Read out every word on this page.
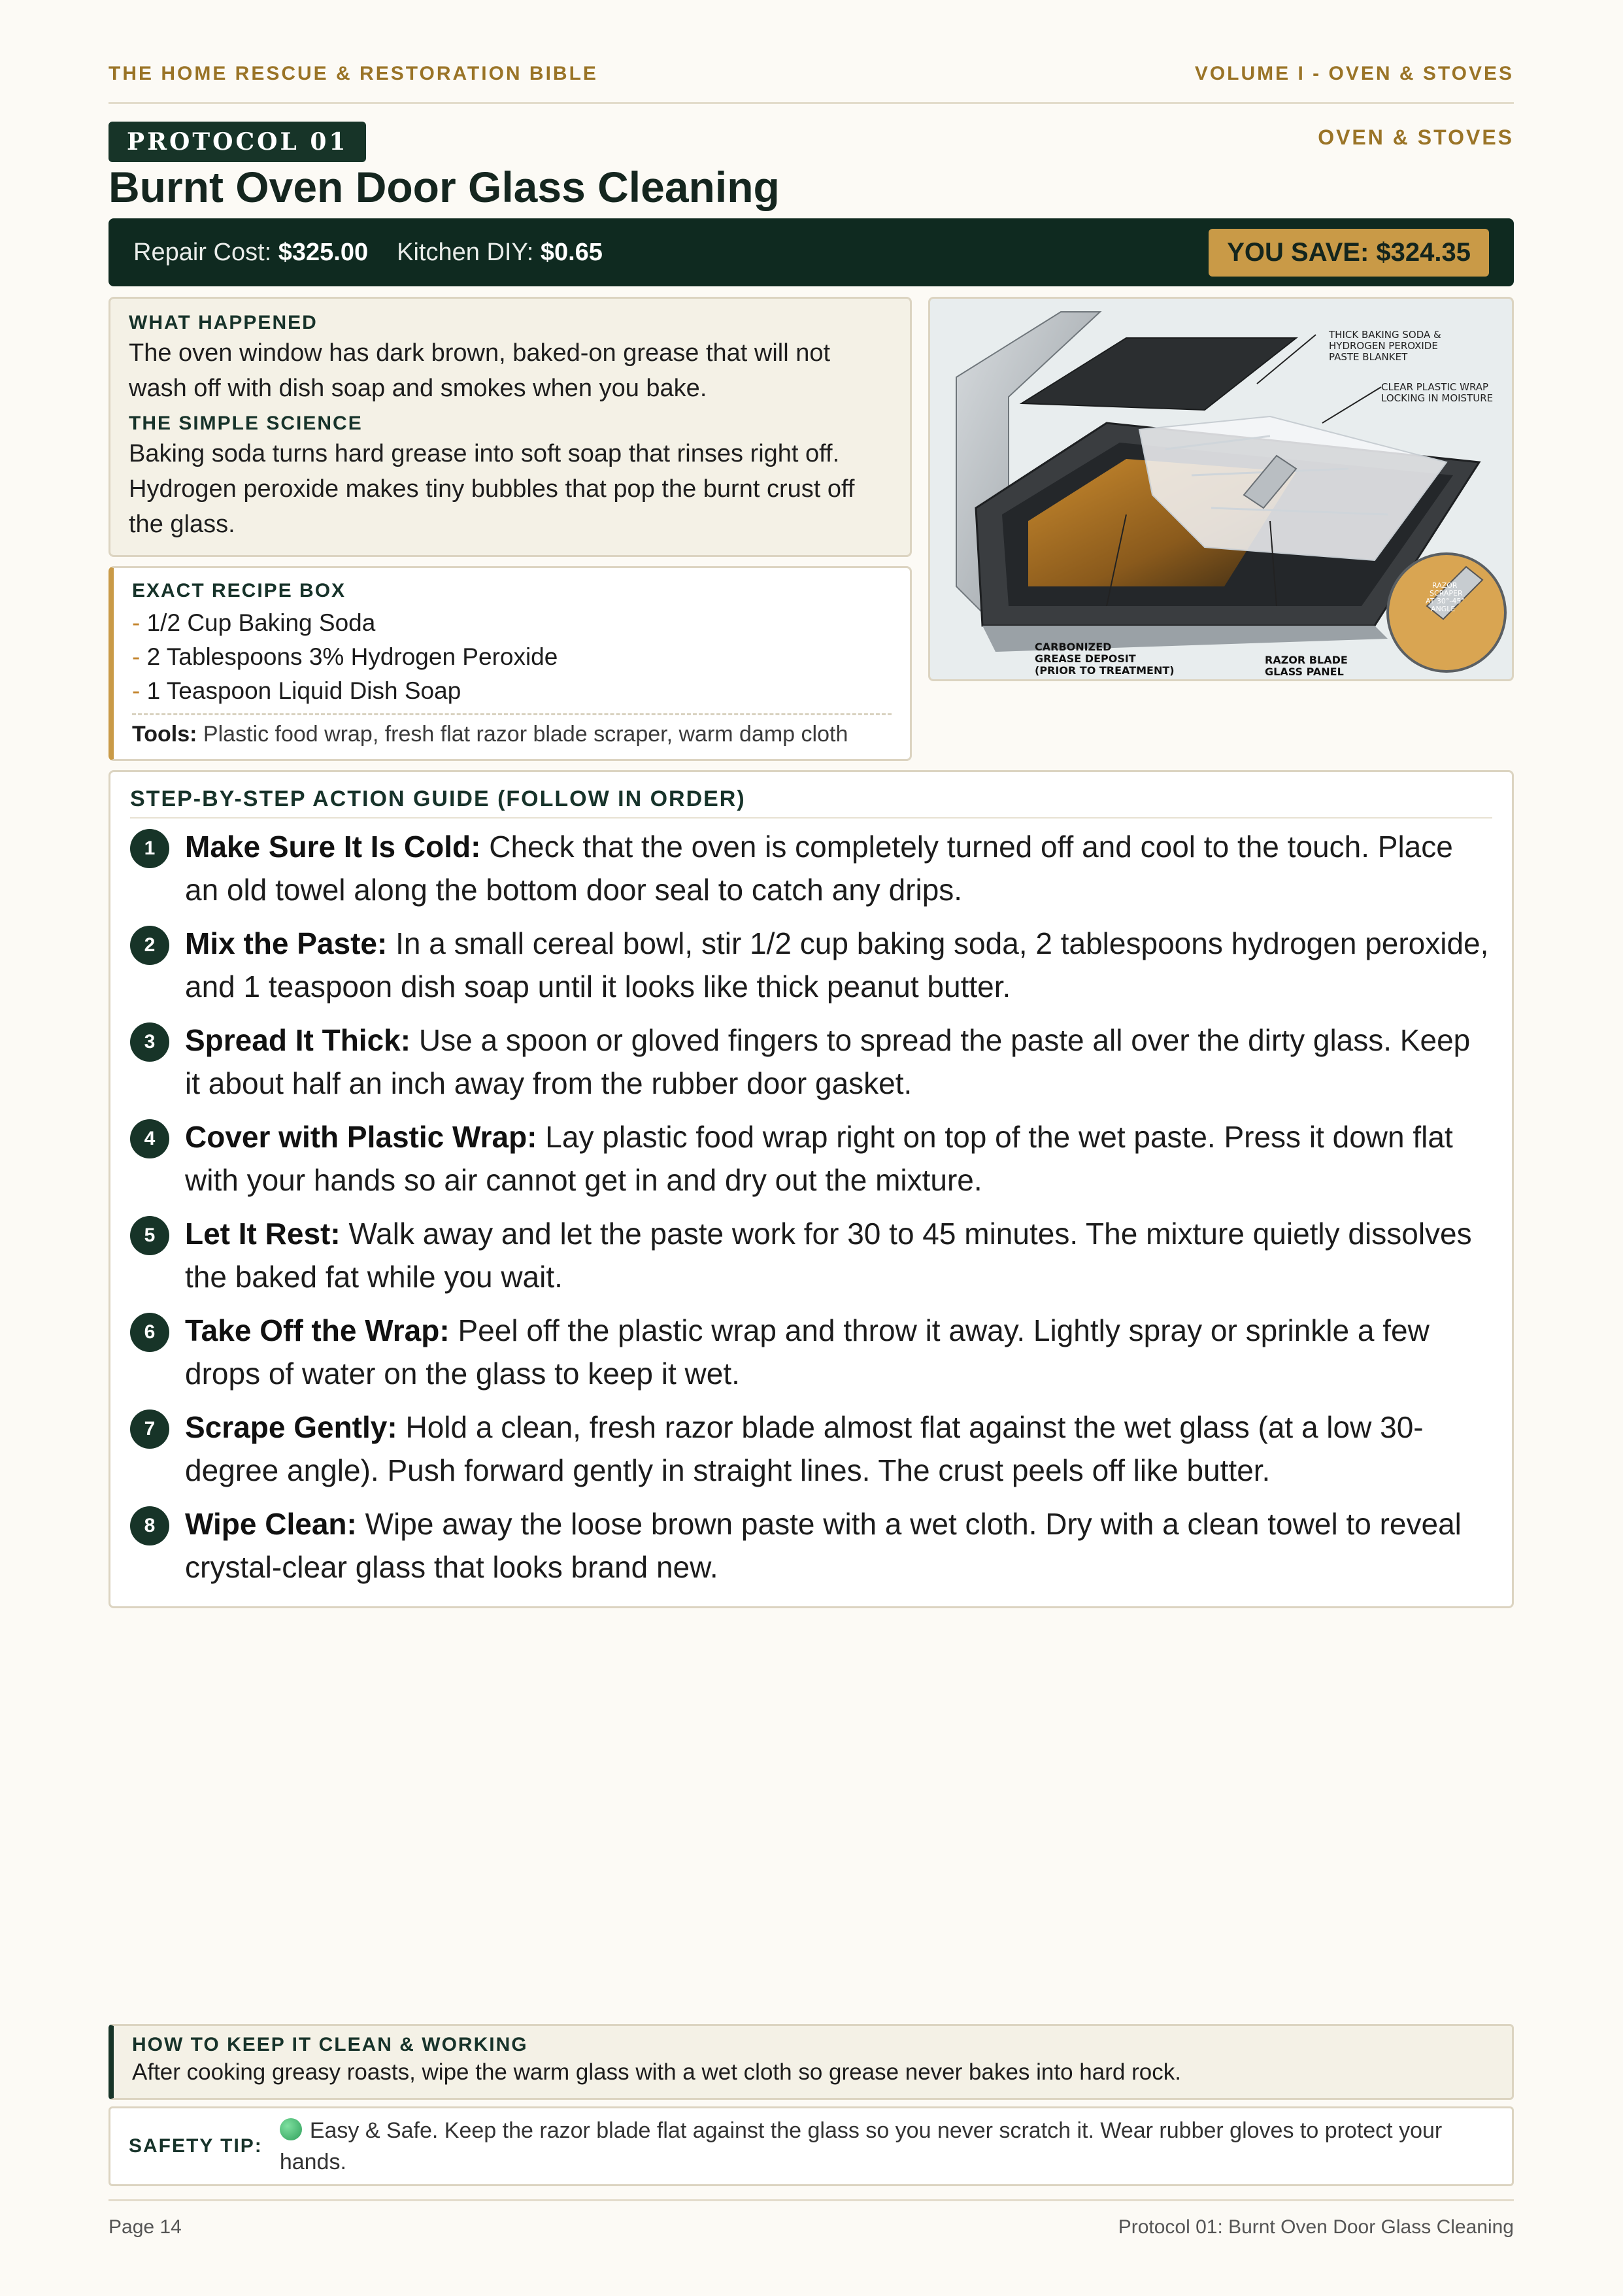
THE HOME RESCUE & RESTORATION BIBLE	VOLUME I - OVEN & STOVES
PROTOCOL 01	OVEN & STOVES
Burnt Oven Door Glass Cleaning
Repair Cost: $325.00 Kitchen DIY: $0.65	YOU SAVE: $324.35
WHAT HAPPENED

The oven window has dark brown, baked-on grease that will not wash off with dish soap and smokes when you bake.

THE SIMPLE SCIENCE

Baking soda turns hard grease into soft soap that rinses right off. Hydrogen peroxide makes tiny bubbles that pop the burnt crust off the glass.

EXACT RECIPE BOX
- 1/2 Cup Baking Soda
- 2 Tablespoons 3% Hydrogen Peroxide
- 1 Teaspoon Liquid Dish Soap
Tools: Plastic food wrap, fresh flat razor blade scraper, warm damp cloth
THICK BAKING SODA & HYDROGEN PEROXIDE PASTE BLANKET
CLEAR PLASTIC WRAP LOCKING IN MOISTURE
CARBONIZED GREASE DEPOSIT (PRIOR TO TREATMENT)
RAZOR BLADE GLASS PANEL
RAZOR SCRAPER AT 30°-45° ANGLE
STEP-BY-STEP ACTION GUIDE (FOLLOW IN ORDER)
1 Make Sure It Is Cold: Check that the oven is completely turned off and cool to the touch. Place an old towel along the bottom door seal to catch any drips.
2 Mix the Paste: In a small cereal bowl, stir 1/2 cup baking soda, 2 tablespoons hydrogen peroxide, and 1 teaspoon dish soap until it looks like thick peanut butter.
3 Spread It Thick: Use a spoon or gloved fingers to spread the paste all over the dirty glass. Keep it about half an inch away from the rubber door gasket.
4 Cover with Plastic Wrap: Lay plastic food wrap right on top of the wet paste. Press it down flat with your hands so air cannot get in and dry out the mixture.
5 Let It Rest: Walk away and let the paste work for 30 to 45 minutes. The mixture quietly dissolves the baked fat while you wait.
6 Take Off the Wrap: Peel off the plastic wrap and throw it away. Lightly spray or sprinkle a few drops of water on the glass to keep it wet.
7 Scrape Gently: Hold a clean, fresh razor blade almost flat against the wet glass (at a low 30-degree angle). Push forward gently in straight lines. The crust peels off like butter.
8 Wipe Clean: Wipe away the loose brown paste with a wet cloth. Dry with a clean towel to reveal crystal-clear glass that looks brand new.
HOW TO KEEP IT CLEAN & WORKING

After cooking greasy roasts, wipe the warm glass with a wet cloth so grease never bakes into hard rock.

SAFETY TIP:
Easy & Safe. Keep the razor blade flat against the glass so you never scratch it. Wear rubber gloves to protect your hands.
Page 14	Protocol 01: Burnt Oven Door Glass Cleaning
